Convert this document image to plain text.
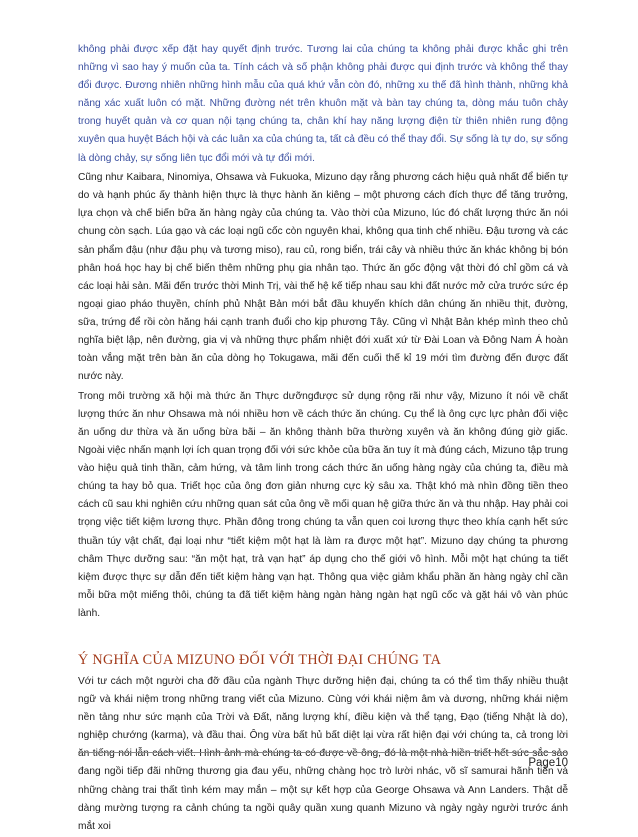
không phải được xếp đặt hay quyết định trước. Tương lai của chúng ta không phải được khắc ghi trên những vì sao hay ý muốn của ta. Tính cách và số phận không phải được qui định trước và không thể thay đổi được. Đương nhiên những hình mẫu của quá khứ vẫn còn đó, những xu thế đã hình thành, những khả năng xác xuất luôn có mặt. Những đường nét trên khuôn mặt và bàn tay chúng ta, dòng máu tuôn chảy trong huyết quản và cơ quan nội tạng chúng ta, chân khí hay năng lượng điện từ thiên nhiên rung động xuyên qua huyệt Bách hội và các luân xa của chúng ta, tất cả đều có thể thay đổi. Sự sống là tự do, sự sống là dòng chảy, sự sống liên tục đổi mới và tự đổi mới.

Cũng như Kaibara, Ninomiya, Ohsawa và Fukuoka, Mizuno dạy rằng phương cách hiệu quả nhất để biến tự do và hạnh phúc ấy thành hiện thực là thực hành ăn kiêng – một phương cách đích thực để tăng trưởng, lựa chọn và chế biến bữa ăn hàng ngày của chúng ta. Vào thời của Mizuno, lúc đó chất lượng thức ăn nói chung còn sạch. Lúa gạo và các loại ngũ cốc còn nguyên khai, không qua tinh chế nhiều. Đậu tương và các sản phẩm đậu (như đậu phụ và tương miso), rau củ, rong biển, trái cây và nhiều thức ăn khác không bị bón phân hoá học hay bị chế biến thêm những phụ gia nhân tạo. Thức ăn gốc động vật thời đó chỉ gồm cá và các loại hải sản. Mãi đến trước thời Minh Trị, vài thế hệ kế tiếp nhau sau khi đất nước mở cửa trước sức ép ngoại giao pháo thuyền, chính phủ Nhật Bản mới bắt đầu khuyến khích dân chúng ăn nhiều thịt, đường, sữa, trứng để rồi còn hăng hái cạnh tranh đuổi cho kịp phương Tây. Cũng vì Nhật Bản khép mình theo chủ nghĩa biệt lập, nên đường, gia vị và những thực phẩm nhiệt đới xuất xứ từ Đài Loan và Đông Nam Á hoàn toàn vắng mặt trên bàn ăn của dòng họ Tokugawa, mãi đến cuối thế kỉ 19 mới tìm đường đến được đất nước này.

Trong môi trường xã hội mà thức ăn Thực dưỡngđược sử dụng rộng rãi như vậy, Mizuno ít nói về chất lượng thức ăn như Ohsawa mà nói nhiều hơn về cách thức ăn chúng. Cụ thể là ông cực lực phản đối việc ăn uống dư thừa và ăn uống bừa bãi – ăn không thành bữa thường xuyên và ăn không đúng giờ giấc. Ngoài việc nhấn mạnh lợi ích quan trọng đối với sức khỏe của bữa ăn tuy ít mà đúng cách, Mizuno tập trung vào hiệu quả tinh thần, cảm hứng, và tâm linh trong cách thức ăn uống hàng ngày của chúng ta, điều mà chúng ta hay bỏ qua. Triết học của ông đơn giản nhưng cực kỳ sâu xa. Thật khó mà nhìn đồng tiền theo cách cũ sau khi nghiên cứu những quan sát của ông về mối quan hệ giữa thức ăn và thu nhập. Hay phải coi trọng việc tiết kiệm lương thực. Phần đông trong chúng ta vẫn quen coi lương thực theo khía cạnh hết sức thuần túy vật chất, đại loại như “tiết kiệm một hạt là làm ra được một hạt”. Mizuno dạy chúng ta phương châm Thực dưỡng sau: “ăn một hạt, trả vạn hạt” áp dụng cho thế giới vô hình. Mỗi một hạt chúng ta tiết kiệm được thực sự dẫn đến tiết kiệm hàng vạn hạt. Thông qua việc giảm khẩu phần ăn hàng ngày chỉ cần mỗi bữa một miếng thôi, chúng ta đã tiết kiệm hàng ngàn hàng ngàn hạt ngũ cốc và gặt hái vô vàn phúc lành.

Ý NGHĨA CỦA MIZUNO ĐỐI VỚI THỜI ĐẠI CHÚNG TA

Với tư cách một người cha đỡ đầu của ngành Thực dưỡng hiện đại, chúng ta có thể tìm thấy nhiều thuật ngữ và khái niệm trong những trang viết của Mizuno. Cùng với khái niệm âm và dương, những khái niệm nền tảng như sức mạnh của Trời và Đất, năng lượng khí, điều kiện và thể tạng, Đạo (tiếng Nhật là do), nghiệp chướng (karma), và đầu thai. Ông vừa bất hủ bất diệt lại vừa rất hiện đại với chúng ta, cả trong lời ăn tiếng nói lẫn cách viết. Hình ảnh mà chúng ta có được về ông, đó là một nhà hiền triết hết sức sắc sảo đang ngồi tiếp đãi những thương gia đau yếu, những chàng học trò lười nhác, võ sĩ samurai hãnh tiến và những chàng trai thất tình kém may mắn – một sự kết hợp của George Ohsawa và Ann Landers. Thật dễ dàng mường tượng ra cảnh chúng ta ngồi quây quần xung quanh Mizuno và ngày ngày người trước ánh mắt xoi

Page10
